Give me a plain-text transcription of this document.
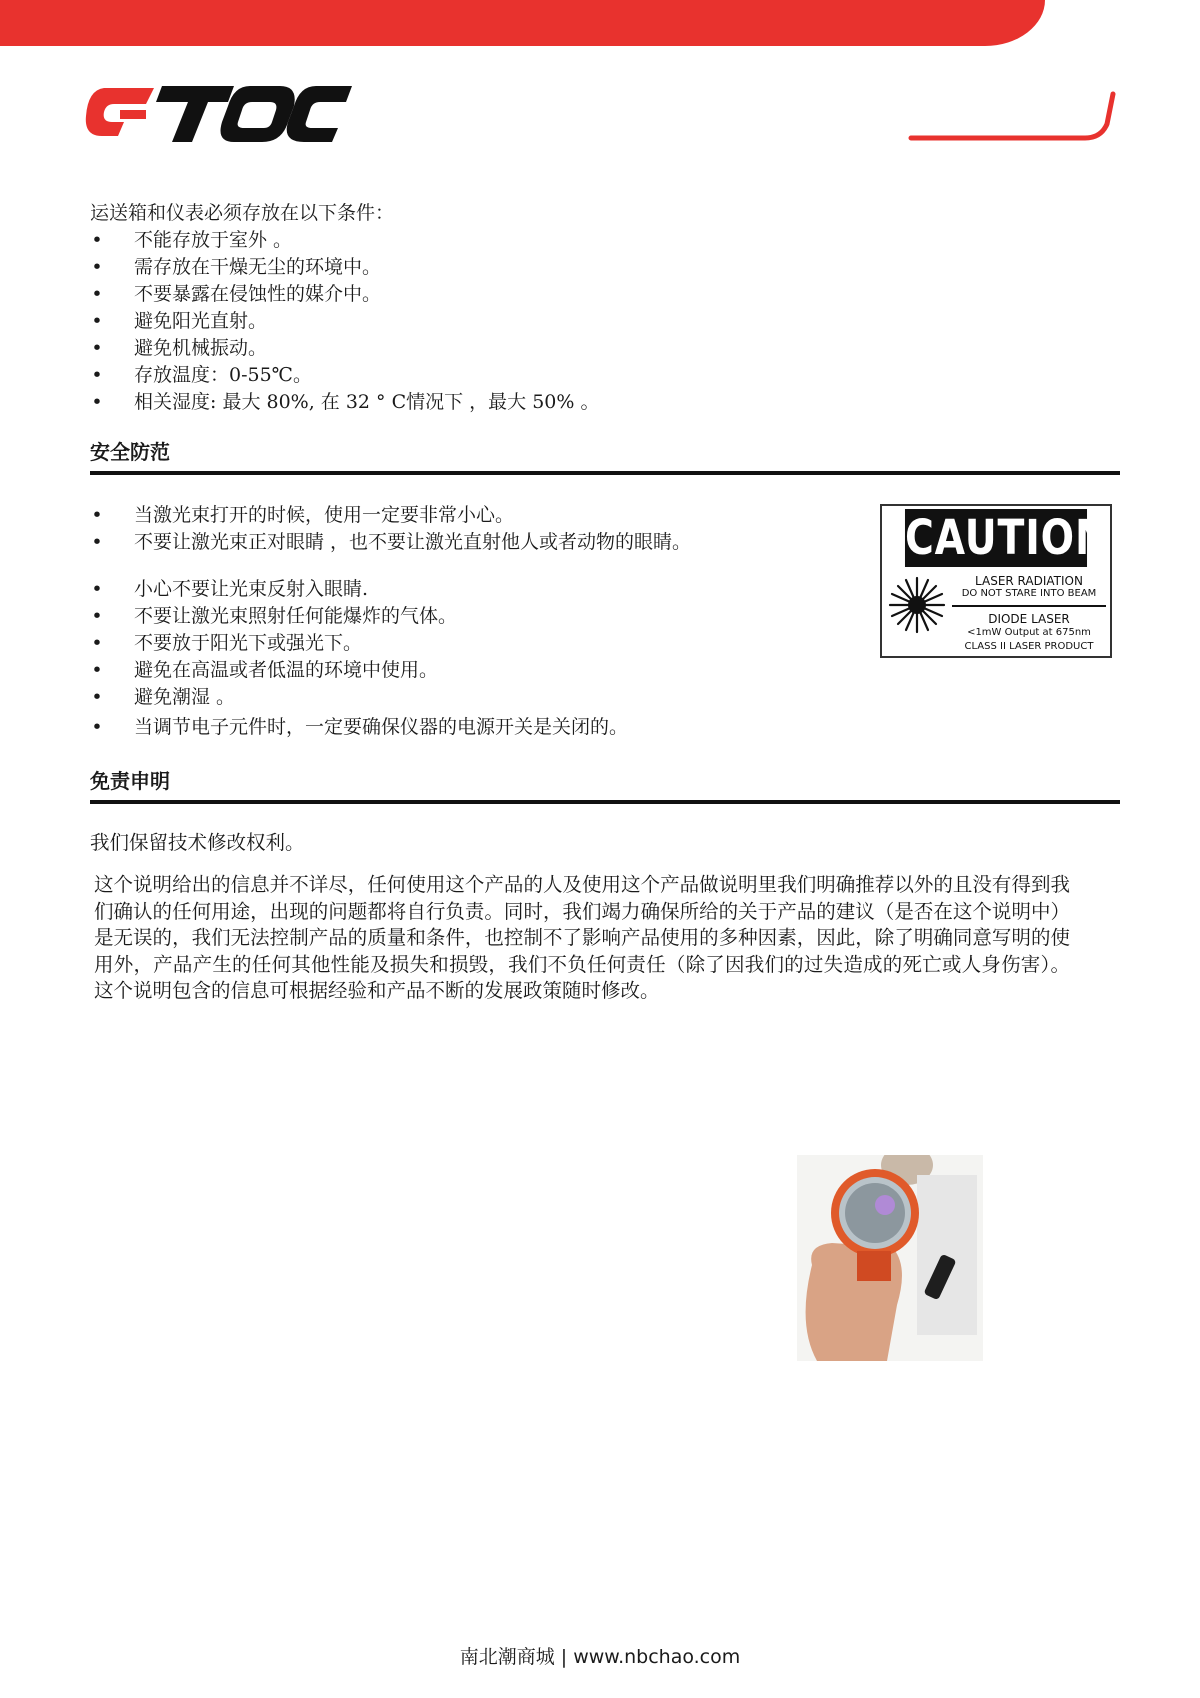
运送箱和仪表必须存放在以下条件：

• 不能存放于室外 。
• 需存放在干燥无尘的环境中。
• 不要暴露在侵蚀性的媒介中。
• 避免阳光直射。
• 避免机械振动。
• 存放温度：0-55℃。
• 相关湿度: 最大 80%, 在 32 ° C情况下 ，最大 50% 。
安全防范
• 当激光束打开的时候，使用一定要非常小心。
• 不要让激光束正对眼睛 ，也不要让激光直射他人或者动物的眼睛。
• 小心不要让光束反射入眼睛.
• 不要让激光束照射任何能爆炸的气体。
• 不要放于阳光下或强光下。
• 避免在高温或者低温的环境中使用。
• 避免潮湿 。
• 当调节电子元件时，一定要确保仪器的电源开关是关闭的。
CAUTION
LASER RADIATION
DO NOT STARE INTO BEAM
DIODE LASER
<1mW Output at 675nm
CLASS II LASER PRODUCT
免责申明

我们保留技术修改权利。

这个说明给出的信息并不详尽，任何使用这个产品的人及使用这个产品做说明里我们明确推荐以外的且没有得到我们确认的任何用途，出现的问题都将自行负责。同时，我们竭力确保所给的关于产品的建议（是否在这个说明中）是无误的，我们无法控制产品的质量和条件，也控制不了影响产品使用的多种因素，因此，除了明确同意写明的使用外，产品产生的任何其他性能及损失和损毁，我们不负任何责任（除了因我们的过失造成的死亡或人身伤害）。这个说明包含的信息可根据经验和产品不断的发展政策随时修改。

南北潮商城 | www.nbchao.com
